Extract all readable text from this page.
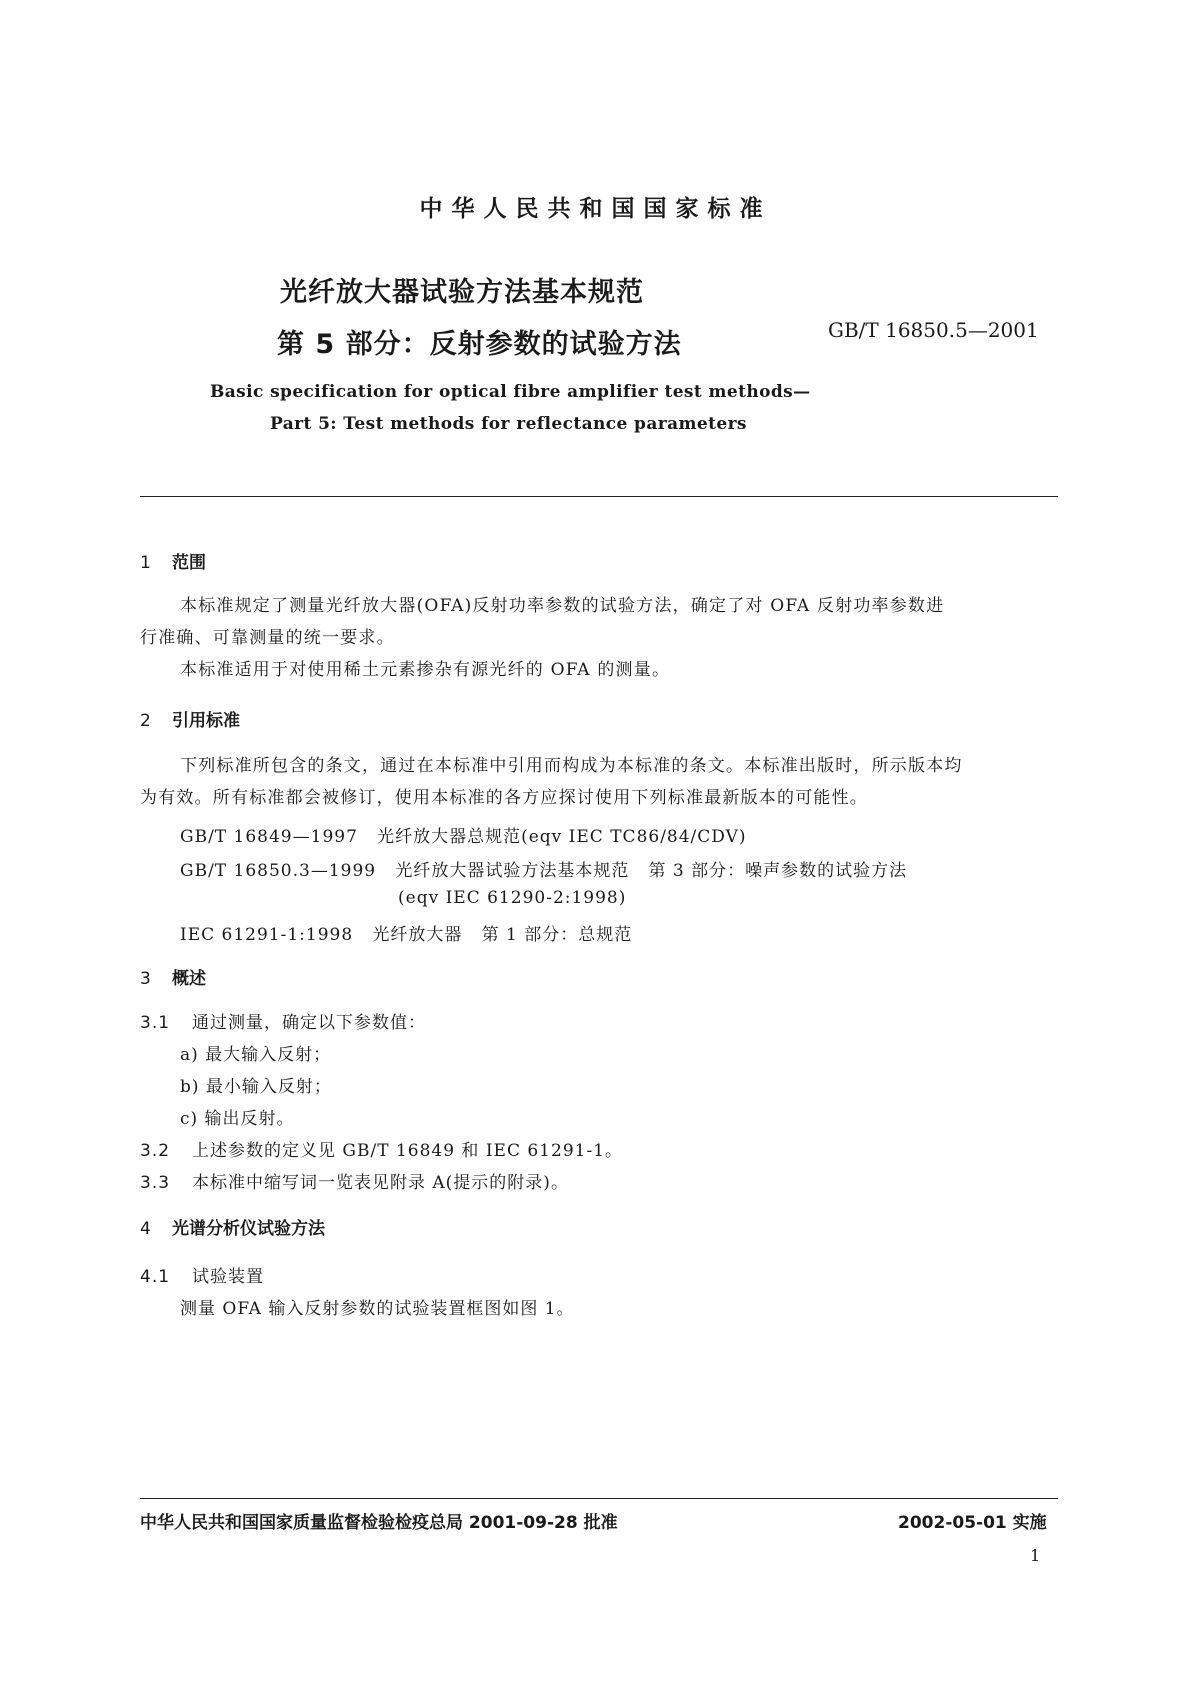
中华人民共和国国家标准
光纤放大器试验方法基本规范
第 5 部分：反射参数的试验方法	GB/T 16850.5—2001
Basic specification for optical fibre amplifier test methods—
Part 5: Test methods for reflectance parameters
1 范围
本标准规定了测量光纤放大器(OFA)反射功率参数的试验方法，确定了对 OFA 反射功率参数进
行准确、可靠测量的统一要求。
本标准适用于对使用稀土元素掺杂有源光纤的 OFA 的测量。
2 引用标准
下列标准所包含的条文，通过在本标准中引用而构成为本标准的条文。本标准出版时，所示版本均
为有效。所有标准都会被修订，使用本标准的各方应探讨使用下列标准最新版本的可能性。
GB/T 16849—1997   光纤放大器总规范(eqv IEC TC86/84/CDV)
GB/T 16850.3—1999   光纤放大器试验方法基本规范   第 3 部分：噪声参数的试验方法
(eqv IEC 61290-2:1998)
IEC 61291-1:1998   光纤放大器   第 1 部分：总规范
3 概述
3.1 通过测量，确定以下参数值：
a) 最大输入反射；
b) 最小输入反射；
c) 输出反射。
3.2 上述参数的定义见 GB/T 16849 和 IEC 61291-1。
3.3 本标准中缩写词一览表见附录 A(提示的附录)。
4 光谱分析仪试验方法
4.1 试验装置
测量 OFA 输入反射参数的试验装置框图如图 1。
中华人民共和国国家质量监督检验检疫总局 2001-09-28 批准	2002-05-01 实施
1
